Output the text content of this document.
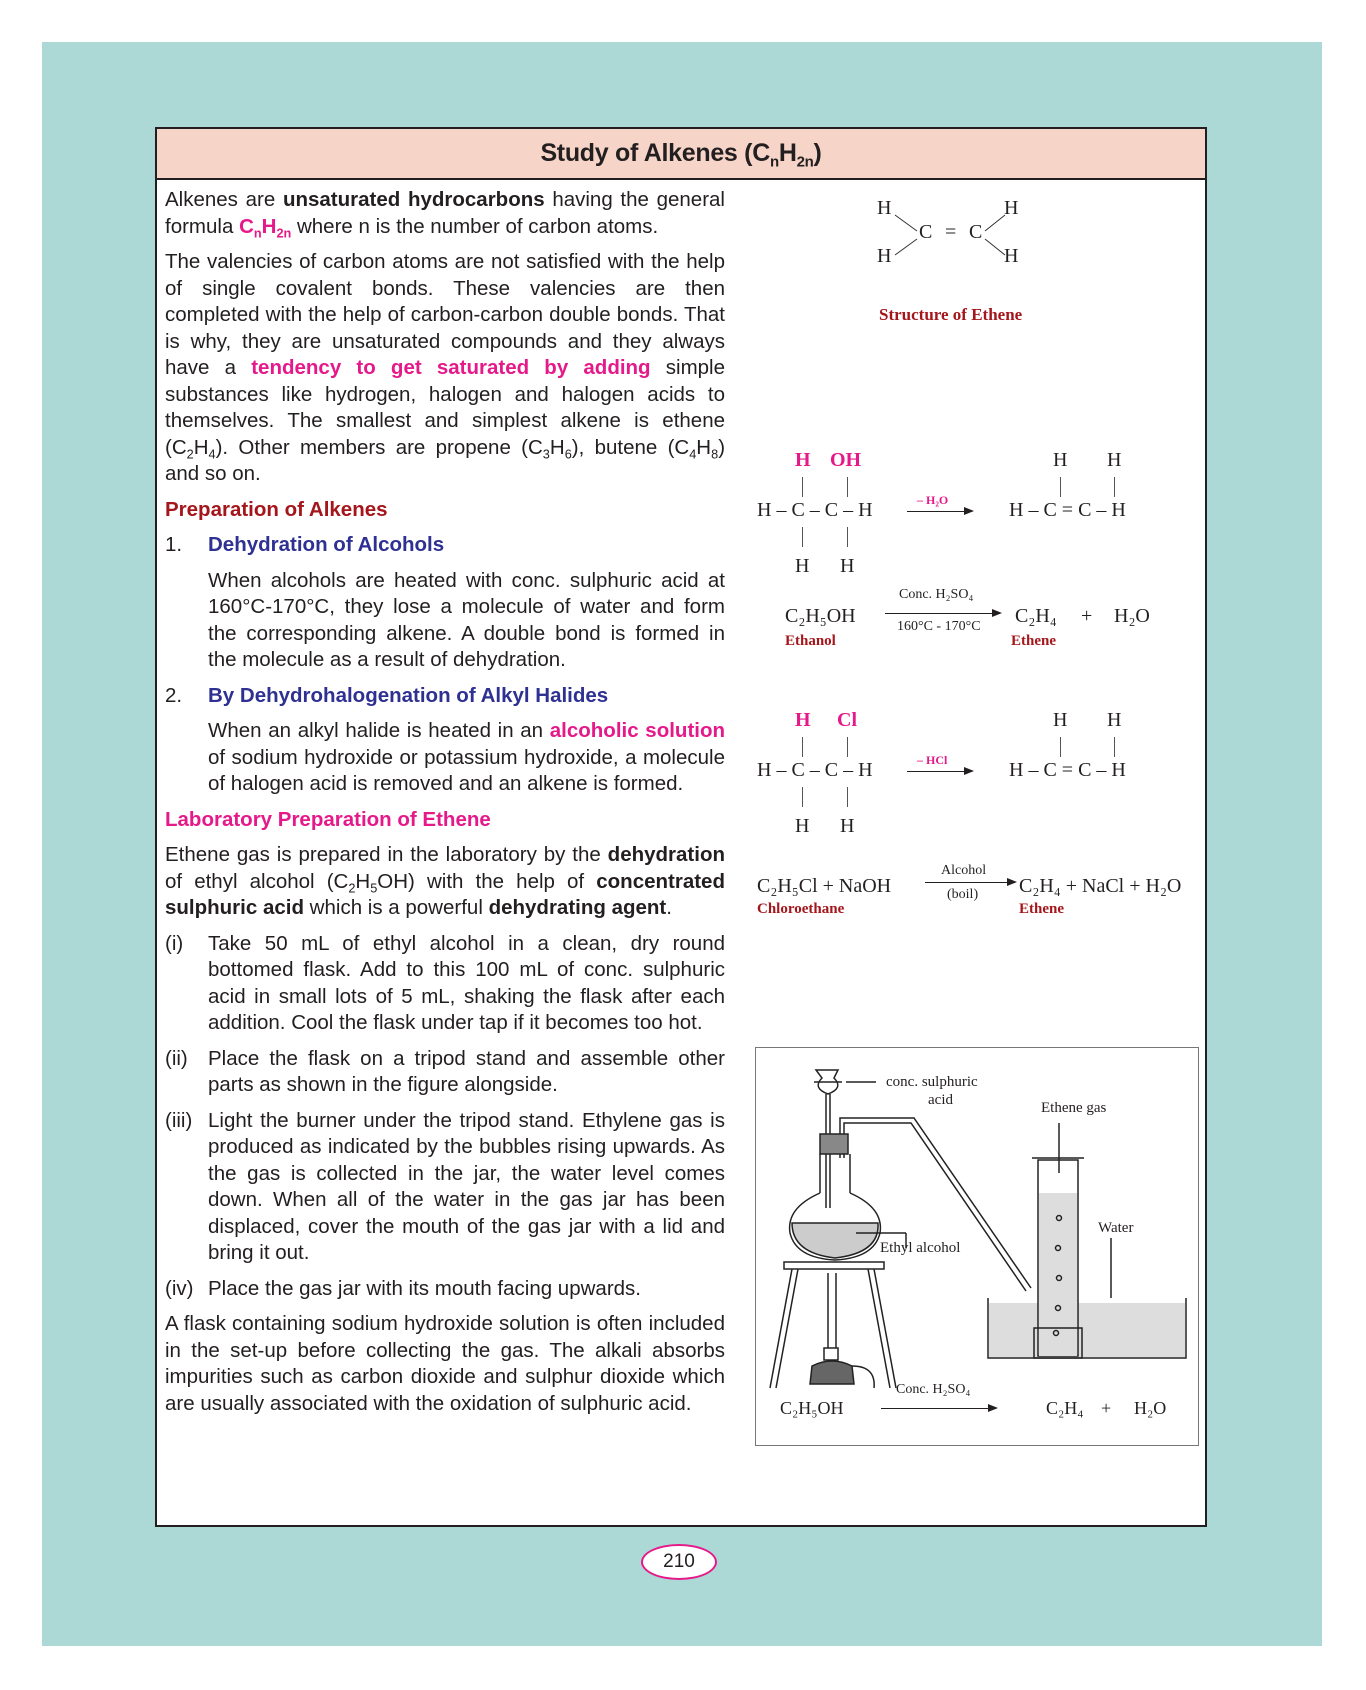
Study of Alkenes $(C_nH_{2n})$

Alkenes are unsaturated hydrocarbons having the general formula $C_nH_{2n}$ where n is the number of carbon atoms.

The valencies of carbon atoms are not satisfied with the help of single covalent bonds. These valencies are then completed with the help of carbon-carbon double bonds. That is why, they are unsaturated compounds and they always have a tendency to get saturated by adding simple substances like hydrogen, halogen and halogen acids to themselves. The smallest and simplest alkene is ethene $(C_2H_4)$. Other members are propene $(C_3H_6)$, butene $(C_4H_8)$ and so on.

Preparation of Alkenes
1.	Dehydration of Alcohols

When alcohols are heated with conc. sulphuric acid at 160°C-170°C, they lose a molecule of water and form the corresponding alkene. A double bond is formed in the molecule as a result of dehydration.

2.	By Dehydrohalogenation of Alkyl Halides

When an alkyl halide is heated in an alcoholic solution of sodium hydroxide or potassium hydroxide, a molecule of halogen acid is removed and an alkene is formed.

Laboratory Preparation of Ethene

Ethene gas is prepared in the laboratory by the dehydration of ethyl alcohol $(C_2H_5OH)$ with the help of concentrated sulphuric acid which is a powerful dehydrating agent.

(i)	Take 50 mL of ethyl alcohol in a clean, dry round bottomed flask. Add to this 100 mL of conc. sulphuric acid in small lots of 5 mL, shaking the flask after each addition. Cool the flask under tap if it becomes too hot.
(ii) Place the flask on a tripod stand and assemble other parts as shown in the figure alongside.
(iii) Light the burner under the tripod stand. Ethylene gas is produced as indicated by the bubbles rising upwards. As the gas is collected in the jar, the water level comes down. When all of the water in the gas jar has been displaced, cover the mouth of the gas jar with a lid and bring it out.
(iv) Place the gas jar with its mouth facing upwards.

A flask containing sodium hydroxide solution is often included in the set-up before collecting the gas. The alkali absorbs impurities such as carbon dioxide and sulphur dioxide which are usually associated with the oxidation of sulphuric acid.

H	H
H	H
C = C
Structure of Ethene
H OH
H – C – C – H
H H
– H₂O
H H
H – C = C – H
C₂H₅OH
Ethanol
Conc. H₂SO₄
160°C - 170°C C₂H₄ + H₂O
Ethene
H Cl
H – C – C – H
H H
– HCl
H H
H – C = C – H
C₂H₅Cl + NaOH
Chloroethane
Alcohol
(boil) C₂H₄ + NaCl + H₂O
Ethene
conc. sulphuric
acid	Ethene gas
Water
Ethyl alcohol
C₂H₅OH
Conc. H₂SO₄
C₂H₄ + H₂O
210
